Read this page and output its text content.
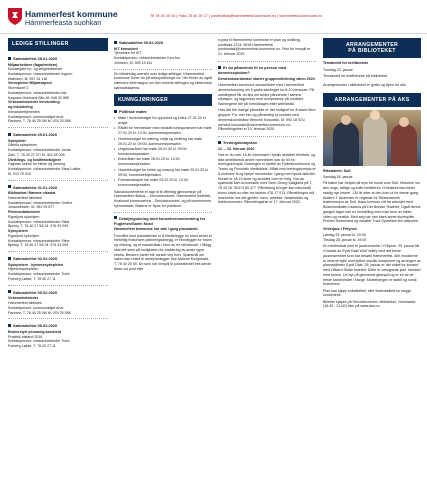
Hammerfest kommune
Hámmerfeasta suohkan
Tlf 78 40 20 00 | Faks 78 40 25 17 | postmottak@hammerfest.kommune.no | hammerfest.kommune.no
LEDIGE STILLINGER
Søknadsfrist 28.01.2020
Miljøarbeidere (fagarbeidere)
Montørgate bo- og leilighetssenter
Kontaktperson: virksomhetsleder Ingunn
Mathisen, tlf. 957 34 118
Vernepleier/ Miljøterapeut
Stormlunet 2
Kontaktperson: virksomhetsleder Ida
Kaspara Gebhardt Blix, tlf. 948 32 889
Virksomhetsleder innvandring
og inkludering
Innvandrertjenesten
Kontaktperson: kommunalsjef Arve
Paulsen, T. 78 40 25 08/ M. 976 25 558
Søknadsfrist 29.01.2020
Sykepleier
Distrikt sykepleien
Kontaktperson: virksomhetsleder Jonas
Zahl, T. 78 40 27 07/ M. 402 46 005
Utviklings- og kvalitetsrådgiver
Fagstab sektor for Helse og omsorg
Kontaktperson: virksomhetsleder Stina Løkke,
M. 913 70 515
Søknadsfrist 31.01.2020
Bibliotekar/ Rømme vikariat
Hammerfest bibliotek
Kontaktperson: virksomhetsleder Grethe
Johannessen, M. 981 09 677
Pleiemedarbeidere
Rypeljord sykehjem
Kontaktperson: virksomhetsleder Stine
Bjerkly, T. 78 40 27 53/ M. 976 93 099
Sykepleiere
Rypeljord sykehjem
Kontaktperson: virksomhetsleder Stine
Bjerkly, T. 78 40 27 53/ M. 976 93 099
Søknadsfrist 02.02.2020
Sykepleiere - hjemmesykepleien
Hjemmesykepleien
Kontaktperson: virksomhetsleder Turid
Forberg Løkke, T. 78 40 27 11
Søknadsfrist 05.02.2020
Virksomhetsleder
Hammerfest bibliotek
Kontaktperson: kommunalsjef Arve
Paulsen, T. 78 40 25 08/ M. 976 25 558
Søknadsfrist 06.02.2020
Brukerstyrt personlig assistent
Praktisk bistand 2016
Kontaktperson: virksomhetsleder Turid
Forberg Løkke, T. 78 40 27 11
Søknadsfrist 09.02.2020
IKT konsulent
Tjenesten for IKT
Kontaktperson: virksomhetsleder Ken Are
Johnsen, M. 905 15 611

En fullstendig oversikt over ledige stillinger i Hammerfest kommune finner du på www.jobbnorge.no. Her finner du også nærmere informasjon om den enkelte stillingen og elektronisk søknadsskjema.

KUNNGJØRINGER
Politiske møter
• Møte i hovedutvalget for oppvekst og kultur 27.01.20 er avlyst.
• Rådet for mennesker med nedsatt funksjonsevne har møte 27.01.20 kl. 13:30, kommunestyresalen.
• Hovedutvalget for næring, miljø og utvikling har møte 29.01.20 kl. 09:00, kommunestyresalen.
• Ungdomsrådet har møte 29.01.20 kl. 09:00, formannskapssalen.
• Eldrerådet har møte 28.01.20 kl. 13:30, kommunestyresalen.
• Hovedutvalget for helse og omsorg har møte 29.01.20 kl. 09:00, kommunestyresalen.
• Formannskapet har møte 03.02.20 kl. 10:00, kommunestyresalen.

Saksdokumentene er lagt ut til offentlig gjennomsyn på Hammerfest rådhus – Servicekontoret, Hammerfest bibliotek, Kvalsund kommunehus - Servicekontoret, og på kommunens hjemmeside, Møtene er åpne for publikum.

Detaljregulering med konsekvensutredning for Fuglenes/Salen Nord

Hammerfest kommune har satt i gang planarbeid.

Formålet med planarbeidet er å tilrettelegge for blant annet et helhetlig motorisert parkeringsanlegg, et ekonlegget for brann og redning, og et masseuttak i form av en steinbrudd. I tillegg skal det sees på muligheten for etablering av andre typer ekstra. Beranre parter blir varslet ved brev. Spørsmål om saken kan rettes til arealplanlegger Åse Malene Kongsbakk T. 78 40 25 50. De som har innspill til planarbeidet bes sende disse via post eller

e-post til Hammerfest kommune er plan og utvikling, postboks 1224, 9616 Hammerfest/ postmottak@hammerfest.kommune.no. Frist for innspill er 21. februar 2020.

Er du pårørende til en person med demenssykdom?

Demenskoordinator starter gruppeveiledning våren 2020.

Hammerfest kommune samarbeider med Hammerfest demensforening om 5 gratis samlinger for 8-10 personer. På samlingene får du tips om andre pårørende i samme situasjon, og fagperson med kompetanse på området. Samlingene blir på formiddagen etter arbeidstid.

Hvis det blir mange påmeldte er det mulighet for å starte flere grupper. For mer info og påmelding ta kontakt med demenskoordinator Wenche Kosowski, M. 992 18 921/ wenche.kosowski@hammerfest.kommune.no. Påmeldingsfrist er 10. februar 2020.

Treningskompisen

21. – 23. februar 2020

Hva er du over 16 år, interessert i fysisk aktivitet/ friluftsliv, og ikke arbeidsredd andre mennesker kan du bli en treningskompis! Ordningen er startet av Fylkeskommunen og Troms og Finnmark idrettskrets. Målet med treningskompis er å motivere til og hjelpe mennesker i gang med fysisk aktivitet. Kurset er på 16 timer og avvikles over en helg. Har du spørsmål kan du kontakte med Sven Georg Vaagland på T. 78 40 26 78/474 89 477. Påmelding til inger-lise.edsvold@ troms.idrett.no eller via telefon 476 17 013. Påmeldingen må inneholde hva det gjelder, navn, adresse, fødselsdato og telefonnummer. Påmeldingsfrist er 17. februar 2020.

ARRANGEMENTER
PÅ BIBLIOTEKET

Temakveld for kreftberørte

Torsdag 23. januar

Temakveld for kreftberørte på biblioteket.

Arrangementer i biblioteket er gratis og åpen for alle.

ARRANGEMENTER PÅ AKS

Rikstateret: Sult

Søndag 26. januar

Få bøker har betydd så mye for norsk som Sult. Historien om den unge, fattige og sulte forfatteren i Kristiania fascinerer stadig nye lesere. 130 år etter at den kom ut for første gang. Anders T. Andersen er regissør for Riksteaterets teaterversjon av Sult. Hans kommer vitt fra arbeidet med Bosemusikalen Lazarus på Det Norske Teateret. Også denne gangen tager han en forestilling med mye bruk av bilder, video og musikk. Med seg har han blant annet skuespiller Preben Hodneland og musiker Tuva Syvertsen fra Valkyrien.

Vinterjazz i Fritynen

Lørdag 25. januar kl. 20:00

Tirsdag 28. januar kl. 19:00

En minifestival med to jazzkonserter i Fritynen. 25. januar får vi besøk av Eyolf Dale Wolf Valley med det beste jazzensemblet som har besøkt Hammerfest. Alle musikerne er erfarne bylle som spiller musikk komponert og arrangert av pianospilleren Eyolf Dale. 28. januar er det duket for konsert med Håvard Stube kvartett. Dette er velsignede jazz, fremført med humor. De byr på glimrende gitarspill og er en av de beste saxofonister i Norge. Motsetningen er stabil og norsk Kulturfond.

Plan kan kjøpe enkeltbillett, eller festivalbillett for begge konsertene.

Billetter kjøpes på Servicekontoret, biblioteket, i kinokasse (16:30 - 21:00) eller på www.aks.no.
